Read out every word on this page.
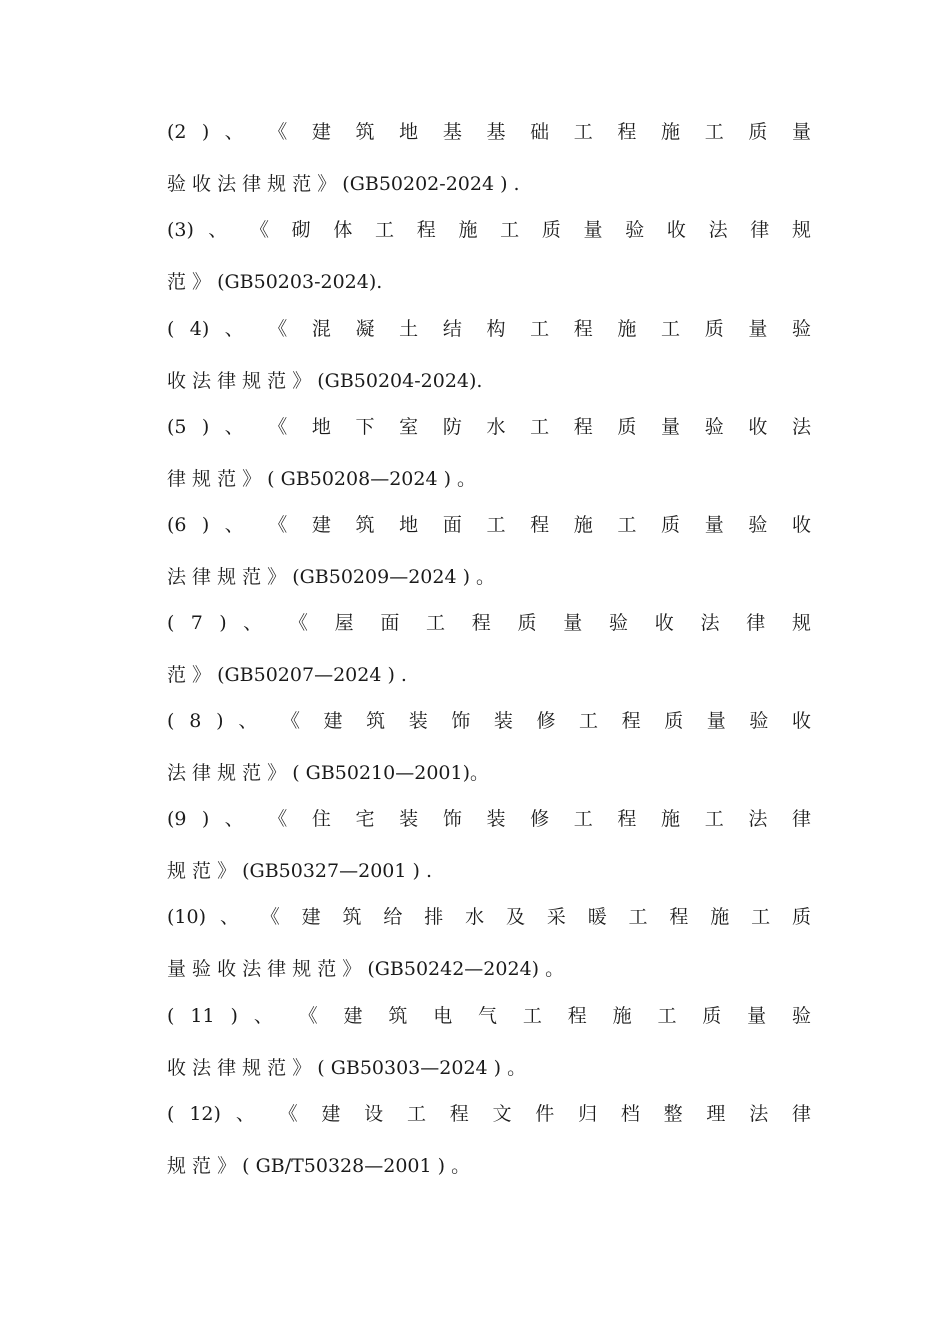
(2 ) 、 《 建 筑 地 基 基 础 工 程 施 工 质 量
验 收 法 律 规 范 》 (GB50202-2024 ) .
(3) 、 《 砌 体 工 程 施 工 质 量 验 收 法 律 规
范 》 (GB50203-2024).
( 4) 、 《 混 凝 土 结 构 工 程 施 工 质 量 验
收 法 律 规 范 》 (GB50204-2024).
(5 ) 、 《 地 下 室 防 水 工 程 质 量 验 收 法
律 规 范 》 ( GB50208—2024 ) 。
(6 ) 、 《 建 筑 地 面 工 程 施 工 质 量 验 收
法 律 规 范 》 (GB50209—2024 ) 。
( 7 ) 、 《 屋 面 工 程 质 量 验 收 法 律 规
范 》 (GB50207—2024 ) .
( 8 ) 、 《 建 筑 装 饰 装 修 工 程 质 量 验 收
法 律 规 范 》 ( GB50210—2001)。
(9 ) 、 《 住 宅 装 饰 装 修 工 程 施 工 法 律
规 范 》 (GB50327—2001 ) .
(10) 、 《 建 筑 给 排 水 及 采 暖 工 程 施 工 质
量 验 收 法 律 规 范 》 (GB50242—2024) 。
( 11 ) 、 《 建 筑 电 气 工 程 施 工 质 量 验
收 法 律 规 范 》 ( GB50303—2024 ) 。
( 12) 、 《 建 设 工 程 文 件 归 档 整 理 法 律
规 范 》 ( GB/T50328—2001 ) 。
